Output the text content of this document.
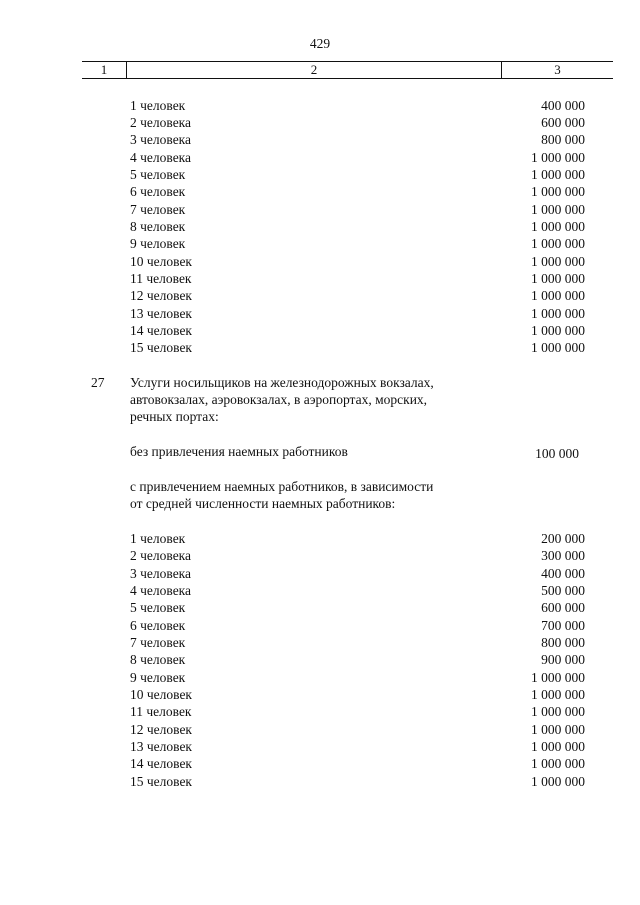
429
1	2	3
1 человек	400 000
2 человека	600 000
3 человека	800 000
4 человека	1 000 000
5 человек	1 000 000
6 человек	1 000 000
7 человек	1 000 000
8 человек	1 000 000
9 человек	1 000 000
10 человек	1 000 000
11 человек	1 000 000
12 человек	1 000 000
13 человек	1 000 000
14 человек	1 000 000
15 человек	1 000 000
27 Услуги носильщиков на железнодорожных вокзалах,
автовокзалах, аэровокзалах, в аэропортах, морских,
речных портах:
без привлечения наемных работников	100 000
с привлечением наемных работников, в зависимости
от средней численности наемных работников:
1 человек	200 000
2 человека	300 000
3 человека	400 000
4 человека	500 000
5 человек	600 000
6 человек	700 000
7 человек	800 000
8 человек	900 000
9 человек	1 000 000
10 человек	1 000 000
11 человек	1 000 000
12 человек	1 000 000
13 человек	1 000 000
14 человек	1 000 000
15 человек	1 000 000
